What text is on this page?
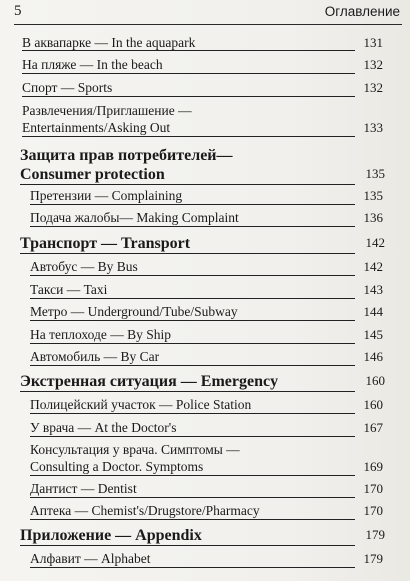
5	Оглавление
В аквапарке — In the aquapark	131
На пляже — In the beach	132
Спорт — Sports	132
Развлечения/Приглашение —
Entertainments/Asking Out	133
Защита прав потребителей—
Consumer protection	135
Претензии — Complaining	135
Подача жалобы— Making Complaint	136
Транспорт — Transport	142
Автобус — By Bus	142
Такси — Taxi	143
Метро — Underground/Tube/Subway	144
На теплоходе — By Ship	145
Автомобиль — By Car	146
Экстренная ситуация — Emergency	160
Полицейский участок — Police Station	160
У врача — At the Doctor's	167
Консультация у врача. Симптомы —
Consulting a Doctor. Symptoms	169
Дантист — Dentist	170
Аптека — Chemist's/Drugstore/Pharmacy	170
Приложение — Appendix	179
Алфавит — Alphabet	179
